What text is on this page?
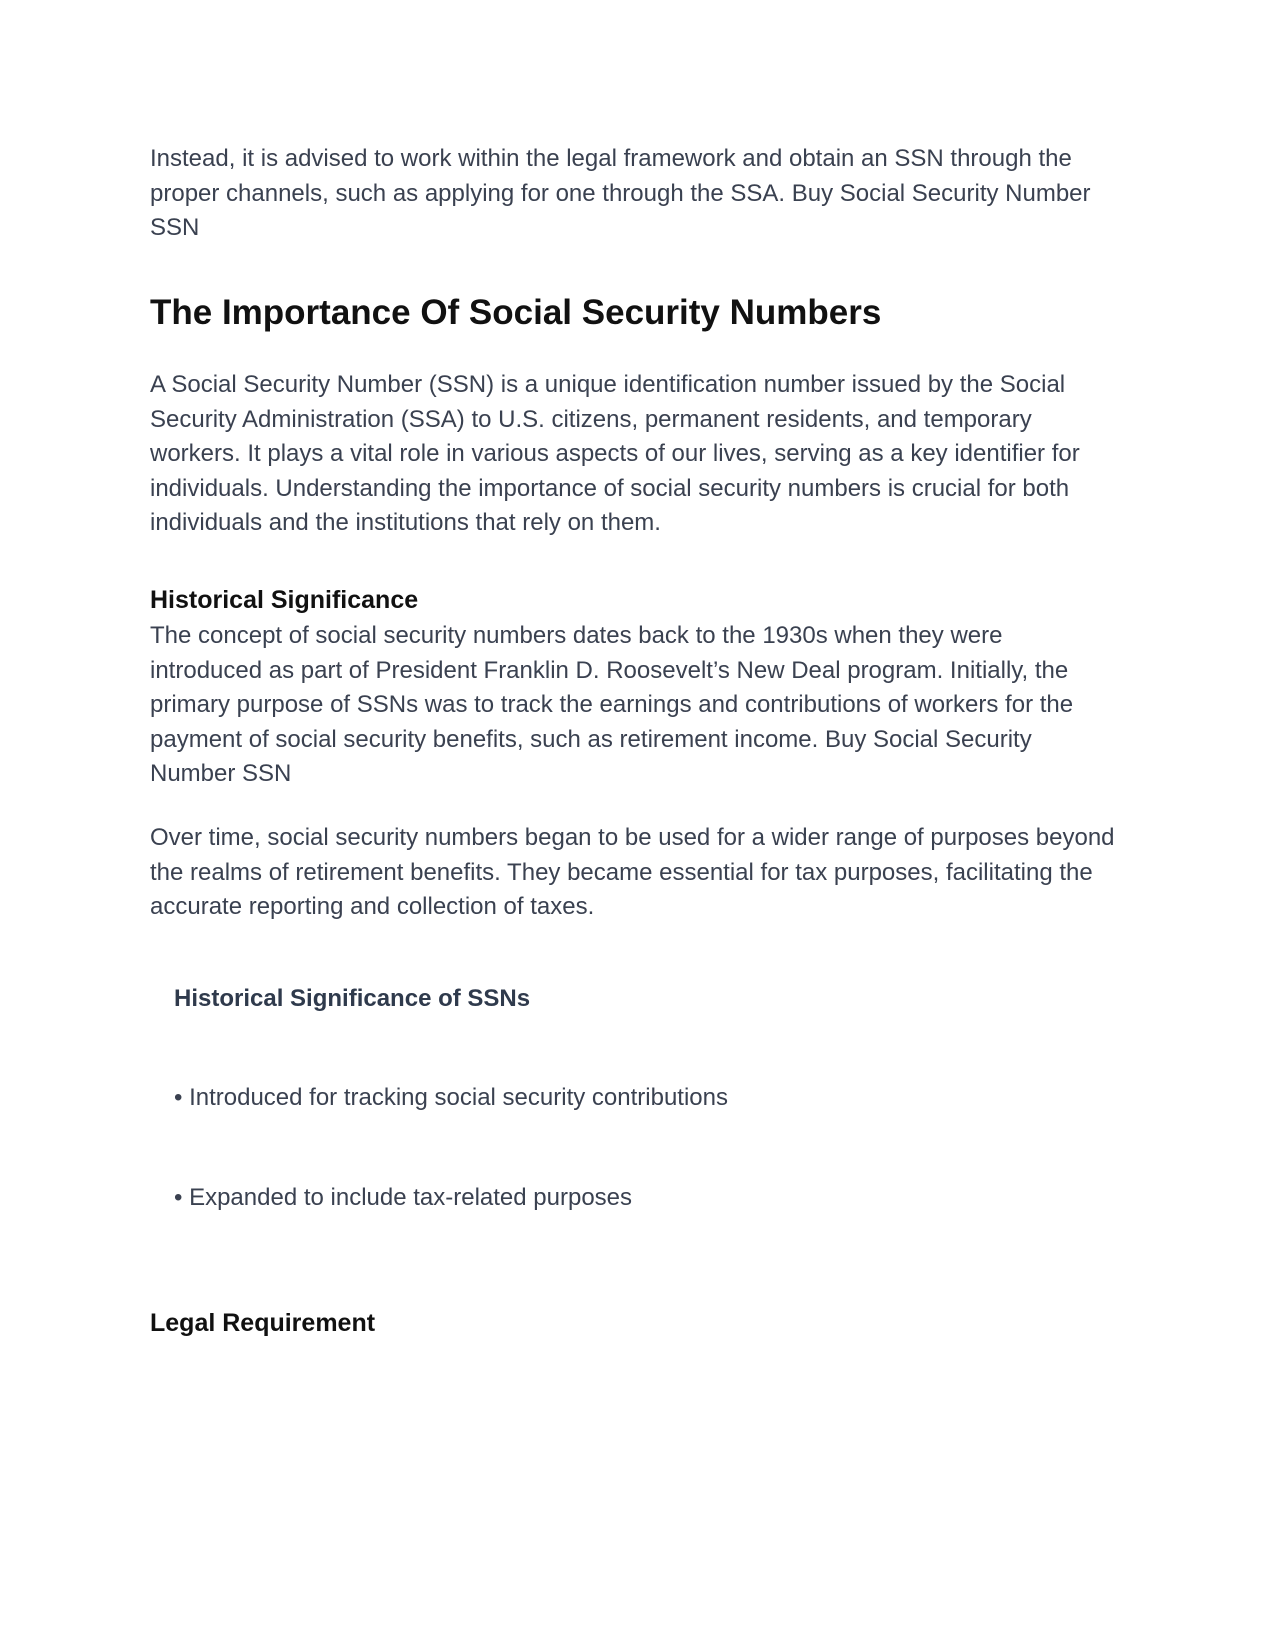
Instead, it is advised to work within the legal framework and obtain an SSN through the proper channels, such as applying for one through the SSA. Buy Social Security Number SSN

The Importance Of Social Security Numbers

A Social Security Number (SSN) is a unique identification number issued by the Social Security Administration (SSA) to U.S. citizens, permanent residents, and temporary workers. It plays a vital role in various aspects of our lives, serving as a key identifier for individuals. Understanding the importance of social security numbers is crucial for both individuals and the institutions that rely on them.

Historical Significance

The concept of social security numbers dates back to the 1930s when they were introduced as part of President Franklin D. Roosevelt’s New Deal program. Initially, the primary purpose of SSNs was to track the earnings and contributions of workers for the payment of social security benefits, such as retirement income. Buy Social Security Number SSN

Over time, social security numbers began to be used for a wider range of purposes beyond the realms of retirement benefits. They became essential for tax purposes, facilitating the accurate reporting and collection of taxes.

Historical Significance of SSNs

• Introduced for tracking social security contributions

• Expanded to include tax-related purposes

Legal Requirement
